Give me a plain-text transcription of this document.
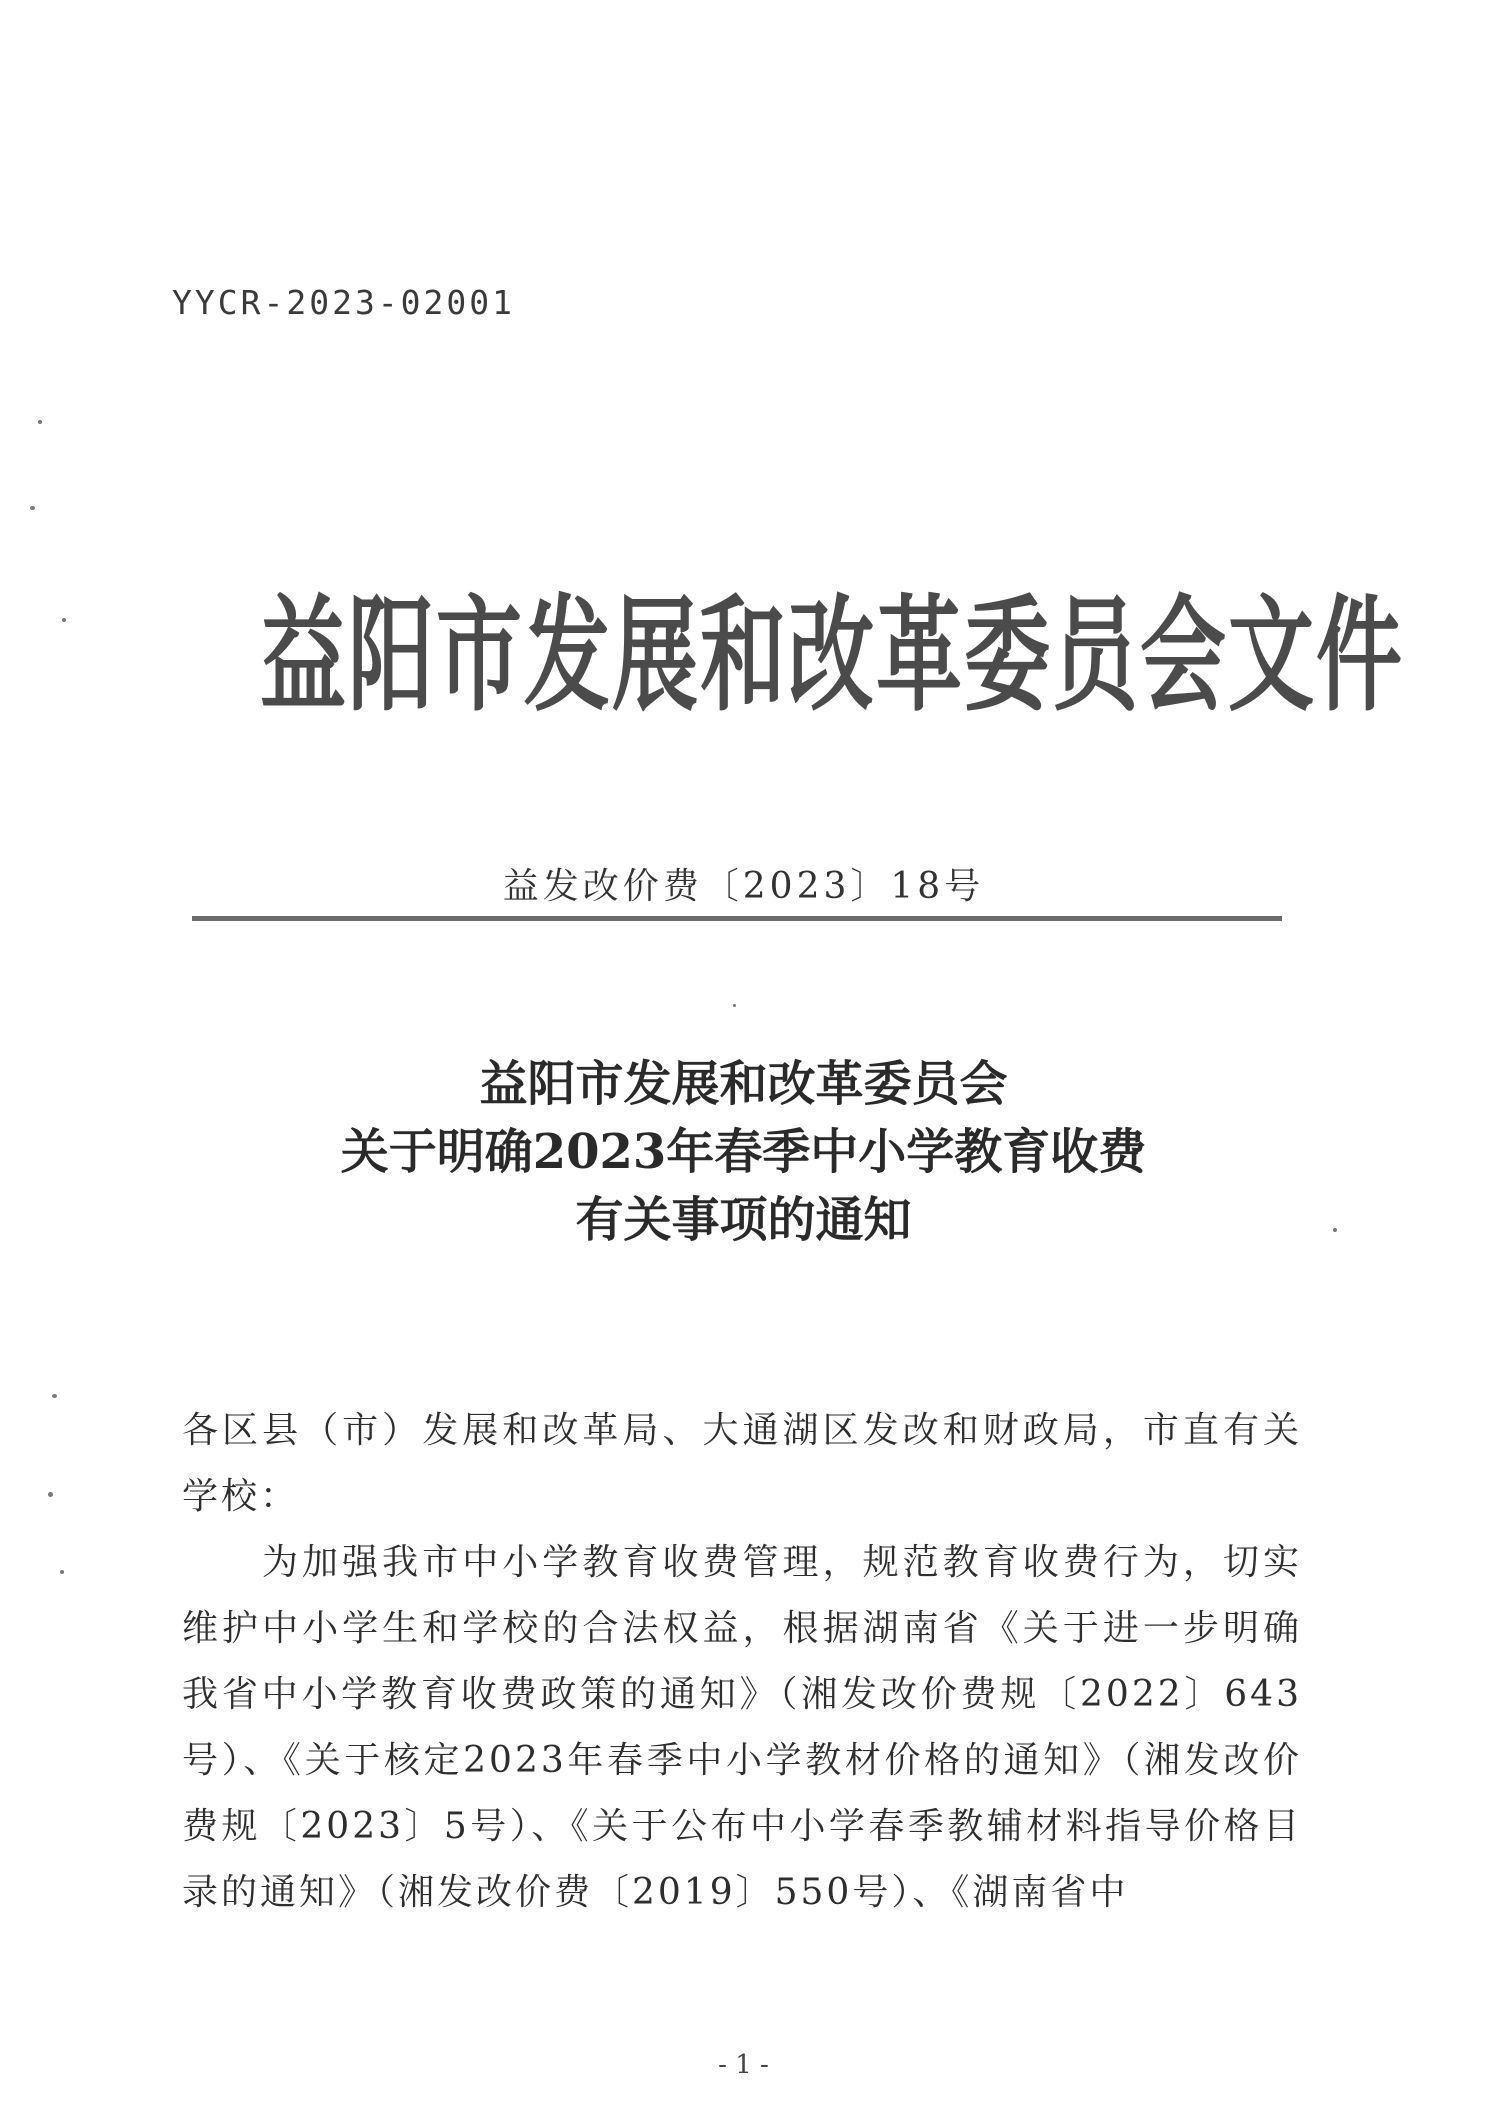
YYCR-2023-02001
益阳市发展和改革委员会文件
益发改价费〔2023〕18号
益阳市发展和改革委员会
关于明确2023年春季中小学教育收费
有关事项的通知

各区县（市）发展和改革局、大通湖区发改和财政局，市直有关学校：

为加强我市中小学教育收费管理，规范教育收费行为，切实维护中小学生和学校的合法权益，根据湖南省《关于进一步明确我省中小学教育收费政策的通知》（湘发改价费规〔2022〕643号）、《关于核定2023年春季中小学教材价格的通知》（湘发改价费规〔2023〕5号）、《关于公布中小学春季教辅材料指导价格目录的通知》（湘发改价费〔2019〕550号）、《湖南省中

- 1 -
